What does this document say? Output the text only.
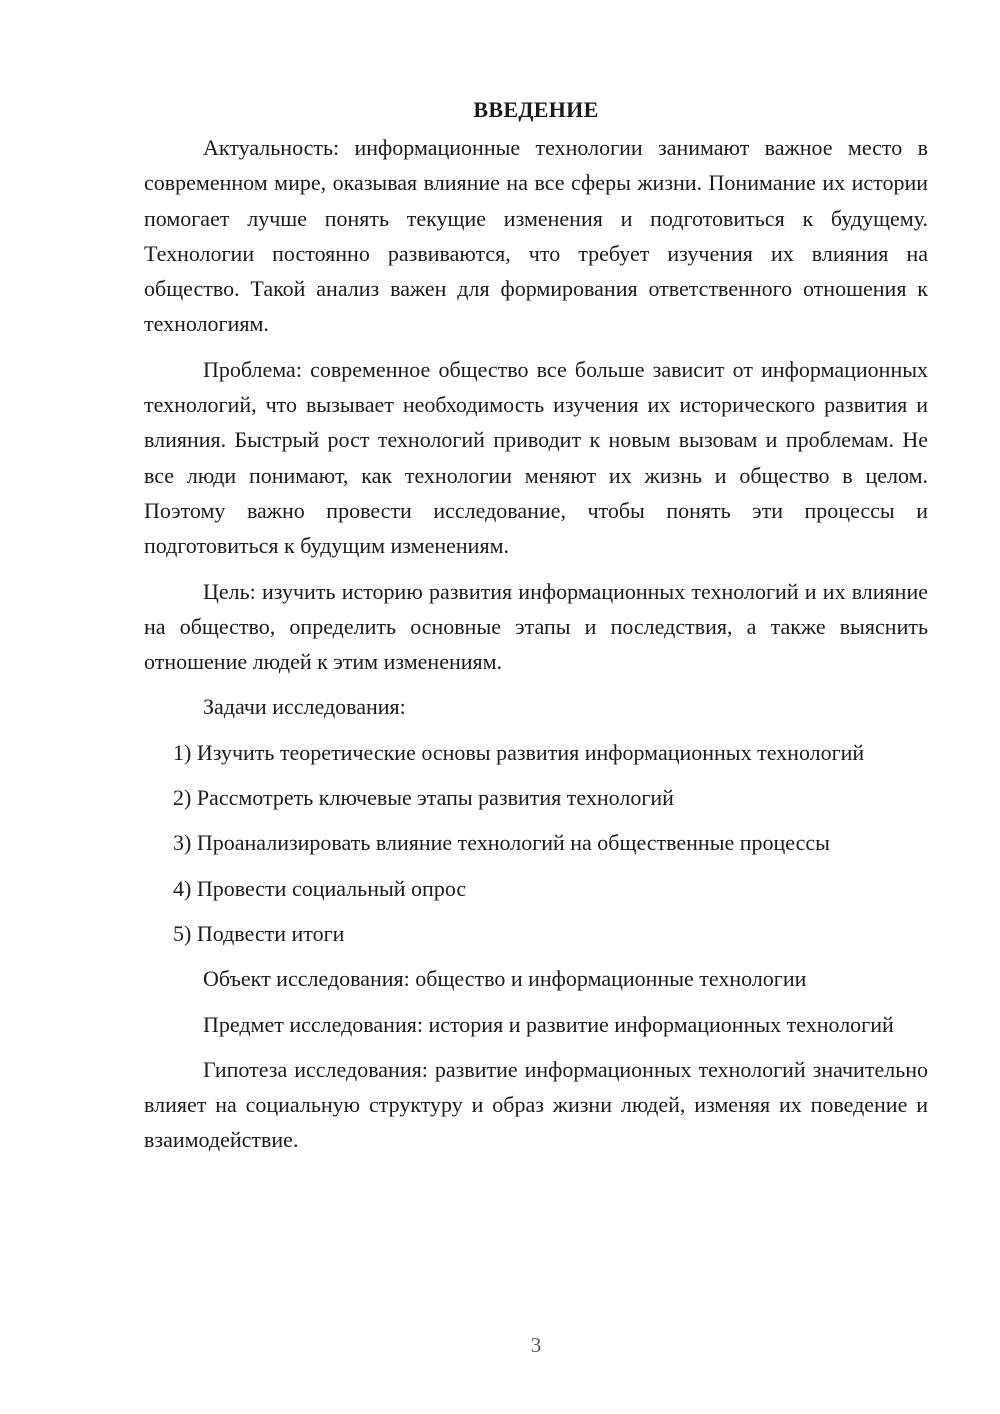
ВВЕДЕНИЕ

Актуальность: информационные технологии занимают важное место в современном мире, оказывая влияние на все сферы жизни. Понимание их истории помогает лучше понять текущие изменения и подготовиться к будущему. Технологии постоянно развиваются, что требует изучения их влияния на общество. Такой анализ важен для формирования ответственного отношения к технологиям.

Проблема: современное общество все больше зависит от информационных технологий, что вызывает необходимость изучения их исторического развития и влияния. Быстрый рост технологий приводит к новым вызовам и проблемам. Не все люди понимают, как технологии меняют их жизнь и общество в целом. Поэтому важно провести исследование, чтобы понять эти процессы и подготовиться к будущим изменениям.

Цель: изучить историю развития информационных технологий и их влияние на общество, определить основные этапы и последствия, а также выяснить отношение людей к этим изменениям.

Задачи исследования:

1) Изучить теоретические основы развития информационных технологий

2) Рассмотреть ключевые этапы развития технологий

3) Проанализировать влияние технологий на общественные процессы

4) Провести социальный опрос

5) Подвести итоги

Объект исследования: общество и информационные технологии

Предмет исследования: история и развитие информационных технологий

Гипотеза исследования: развитие информационных технологий значительно влияет на социальную структуру и образ жизни людей, изменяя их поведение и взаимодействие.

3
